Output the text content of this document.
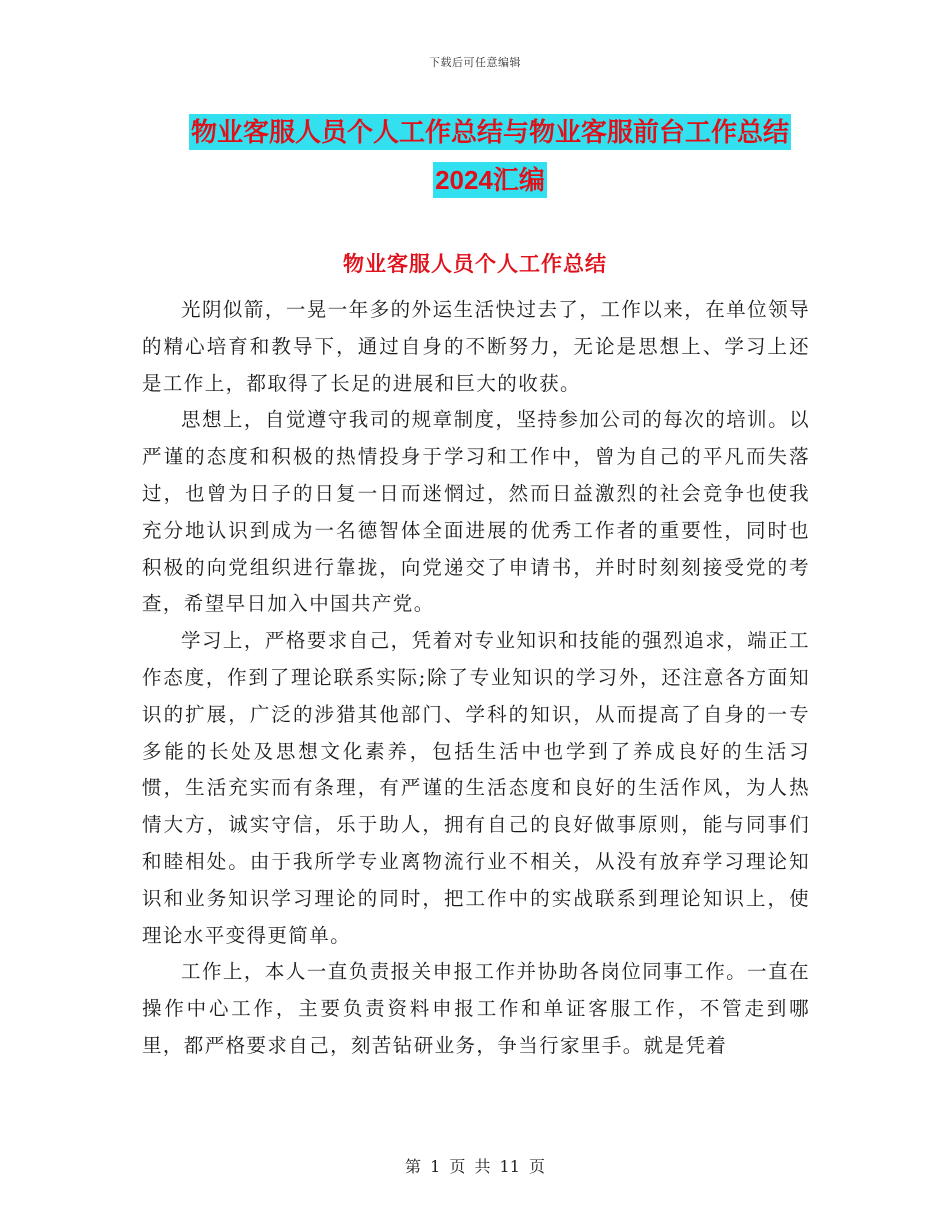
下载后可任意编辑
物业客服人员个人工作总结与物业客服前台工作总结
2024汇编
物业客服人员个人工作总结

光阴似箭，一晃一年多的外运生活快过去了，工作以来，在单位领导的精心培育和教导下，通过自身的不断努力，无论是思想上、学习上还是工作上，都取得了长足的进展和巨大的收获。

思想上，自觉遵守我司的规章制度，坚持参加公司的每次的培训。以严谨的态度和积极的热情投身于学习和工作中，曾为自己的平凡而失落过，也曾为日子的日复一日而迷惘过，然而日益激烈的社会竞争也使我充分地认识到成为一名德智体全面进展的优秀工作者的重要性，同时也积极的向党组织进行靠拢，向党递交了申请书，并时时刻刻接受党的考查，希望早日加入中国共产党。

学习上，严格要求自己，凭着对专业知识和技能的强烈追求，端正工作态度，作到了理论联系实际;除了专业知识的学习外，还注意各方面知识的扩展，广泛的涉猎其他部门、学科的知识，从而提高了自身的一专多能的长处及思想文化素养，包括生活中也学到了养成良好的生活习惯，生活充实而有条理，有严谨的生活态度和良好的生活作风，为人热情大方，诚实守信，乐于助人，拥有自己的良好做事原则，能与同事们和睦相处。由于我所学专业离物流行业不相关，从没有放弃学习理论知识和业务知识学习理论的同时，把工作中的实战联系到理论知识上，使理论水平变得更简单。

工作上，本人一直负责报关申报工作并协助各岗位同事工作。一直在操作中心工作，主要负责资料申报工作和单证客服工作，不管走到哪里，都严格要求自己，刻苦钻研业务，争当行家里手。就是凭着

第 1 页 共 11 页
